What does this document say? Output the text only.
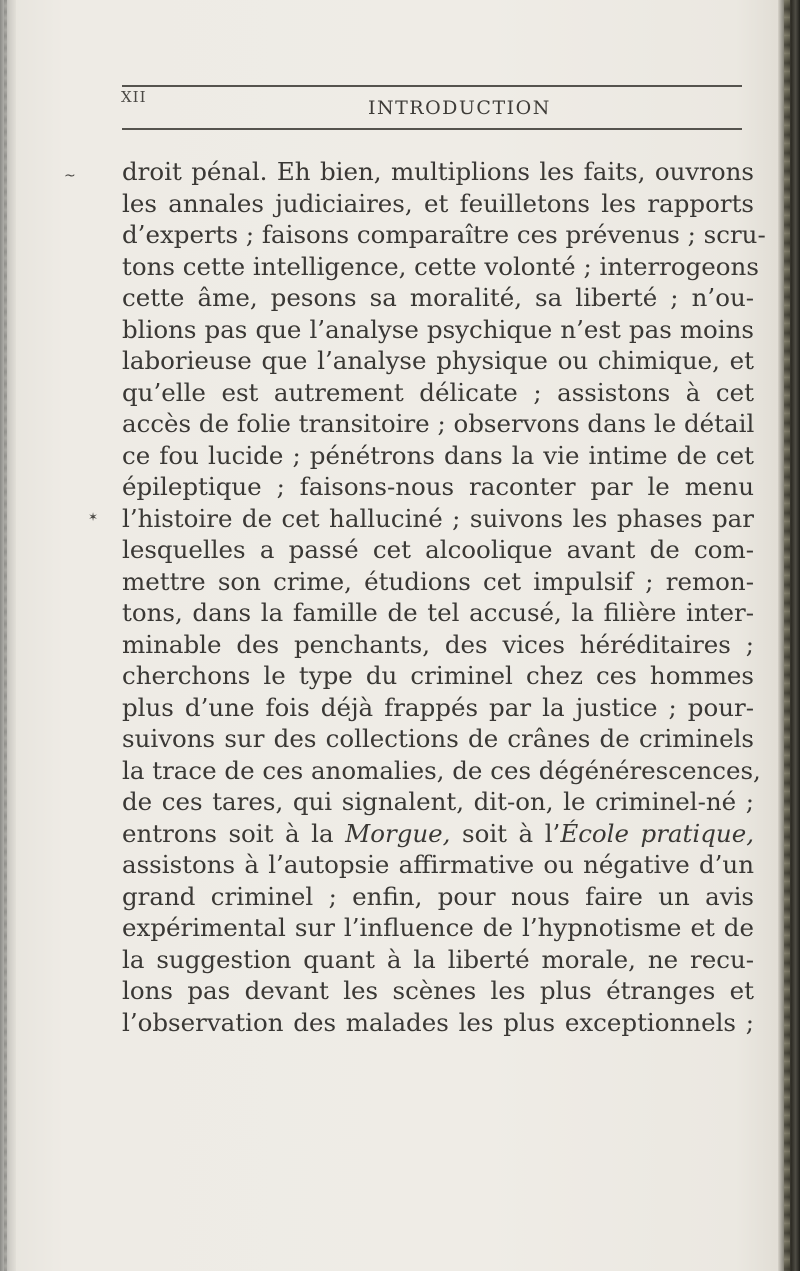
XII	INTRODUCTION
~
✶
droit pénal. Eh bien, multiplions les faits, ouvrons
les annales judiciaires, et feuilletons les rapports
d’experts ; faisons comparaître ces prévenus ; scru-
tons cette intelligence, cette volonté ; interrogeons
cette âme, pesons sa moralité, sa liberté ; n’ou-
blions pas que l’analyse psychique n’est pas moins
laborieuse que l’analyse physique ou chimique, et
qu’elle est autrement délicate ; assistons à cet
accès de folie transitoire ; observons dans le détail
ce fou lucide ; pénétrons dans la vie intime de cet
épileptique ; faisons-nous raconter par le menu
l’histoire de cet halluciné ; suivons les phases par
lesquelles a passé cet alcoolique avant de com-
mettre son crime, étudions cet impulsif ; remon-
tons, dans la famille de tel accusé, la filière inter-
minable des penchants, des vices héréditaires ;
cherchons le type du criminel chez ces hommes
plus d’une fois déjà frappés par la justice ; pour-
suivons sur des collections de crânes de criminels
la trace de ces anomalies, de ces dégénérescences,
de ces tares, qui signalent, dit-on, le criminel-né ;
entrons soit à la Morgue, soit à l’École pratique,
assistons à l’autopsie affirmative ou négative d’un
grand criminel ; enfin, pour nous faire un avis
expérimental sur l’influence de l’hypnotisme et de
la suggestion quant à la liberté morale, ne recu-
lons pas devant les scènes les plus étranges et
l’observation des malades les plus exceptionnels ;
